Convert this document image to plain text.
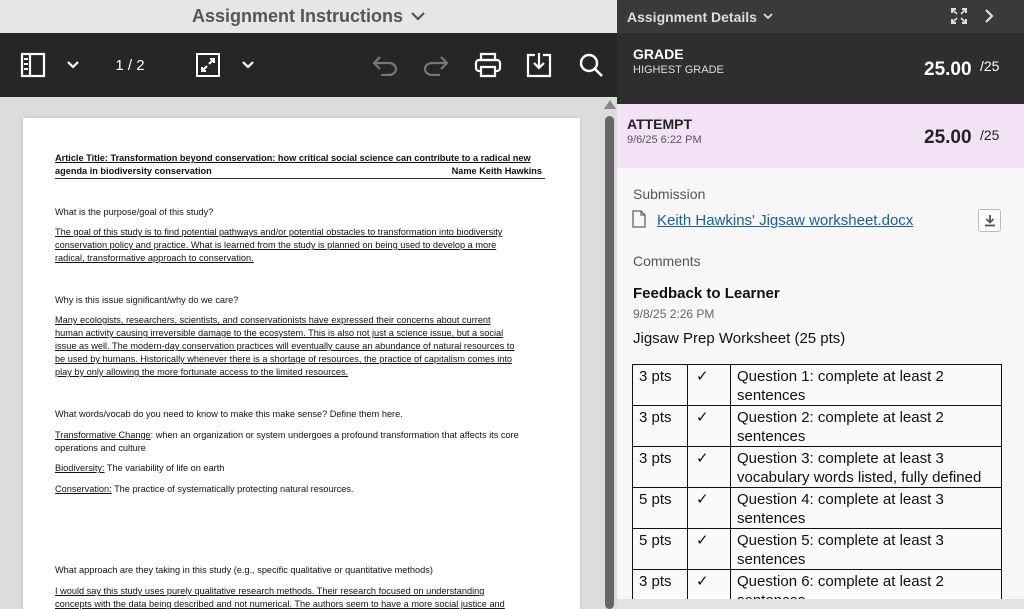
Assignment Instructions
1 / 2
Article Title: Transformation beyond conservation: how critical social science can contribute to a radical new
agenda in biodiversity conservation	Name Keith Hawkins
What is the purpose/goal of this study?
The goal of this study is to find potential pathways and/or potential obstacles to transformation into biodiversity
conservation policy and practice. What is learned from the study is planned on being used to develop a more
radical, transformative approach to conservation.
Why is this issue significant/why do we care?
Many ecologists, researchers, scientists, and conservationists have expressed their concerns about current
human activity causing irreversible damage to the ecosystem. This is also not just a science issue, but a social
issue as well. The modern-day conservation practices will eventually cause an abundance of natural resources to
be used by humans. Historically whenever there is a shortage of resources, the practice of capitalism comes into
play by only allowing the more fortunate access to the limited resources.
What words/vocab do you need to know to make this make sense? Define them here.
Transformative Change: when an organization or system undergoes a profound transformation that affects its core
operations and culture
Biodiversity: The variability of life on earth
Conservation: The practice of systematically protecting natural resources.
What approach are they taking in this study (e.g., specific qualitative or quantitative methods)
I would say this study uses purely qualitative research methods. Their research focused on understanding
concepts with the data being described and not numerical. The authors seem to have a more social justice and
Assignment Details
GRADE
HIGHEST GRADE	25.00 /25
ATTEMPT
9/6/25 6:22 PM	25.00 /25
Submission
Keith Hawkins' Jigsaw worksheet.docx
Comments
Feedback to Learner
9/8/25 2:26 PM
Jigsaw Prep Worksheet (25 pts)
3 pts	✓	Question 1: complete at least 2 sentences
3 pts	✓	Question 2: complete at least 2 sentences
3 pts	✓	Question 3: complete at least 3 vocabulary words listed, fully defined
5 pts	✓	Question 4: complete at least 3 sentences
5 pts	✓	Question 5: complete at least 3 sentences
3 pts	✓	Question 6: complete at least 2
